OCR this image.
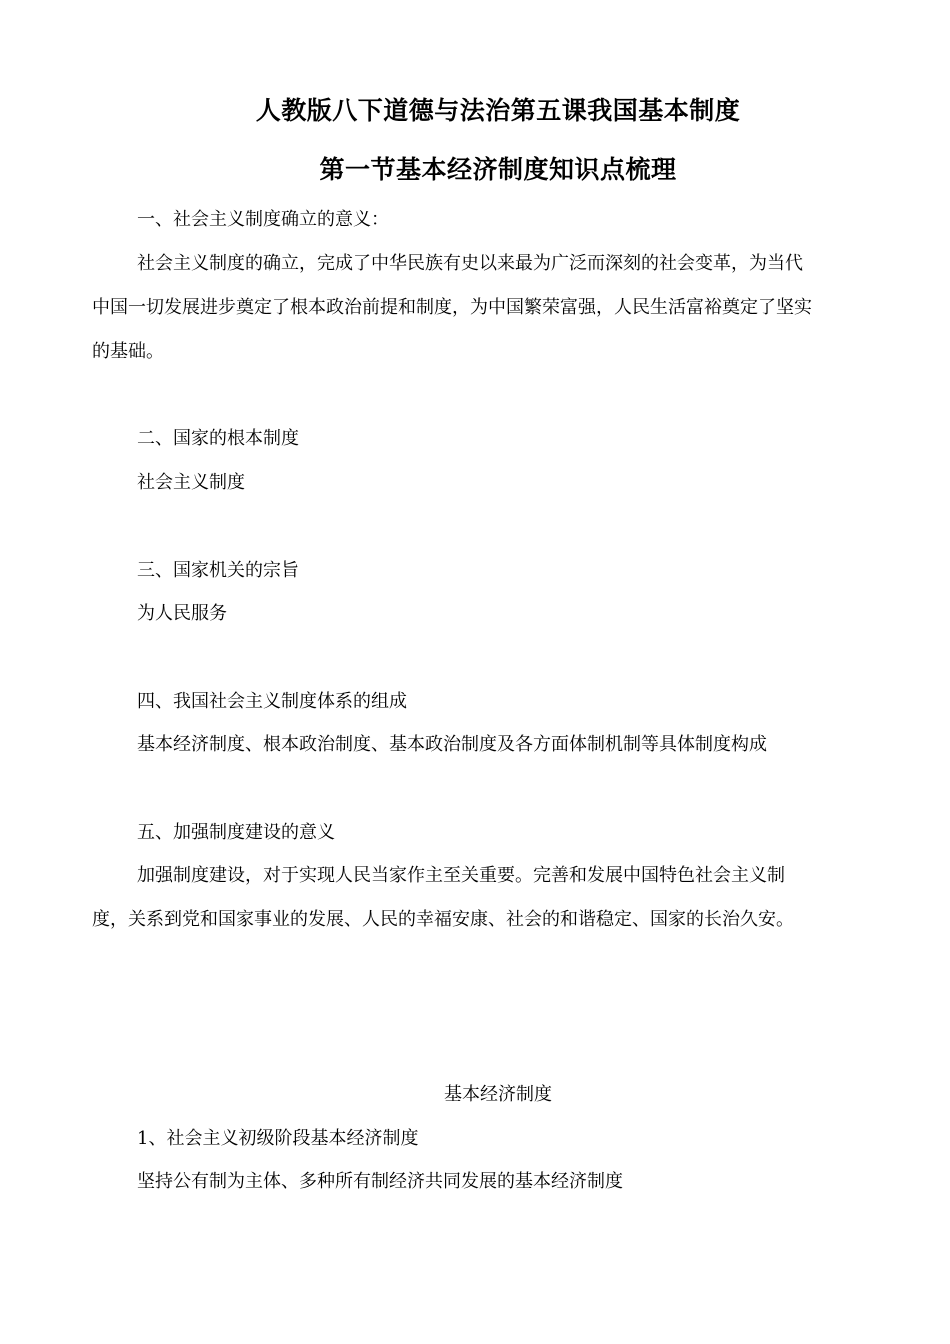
人教版八下道德与法治第五课我国基本制度
第一节基本经济制度知识点梳理
一、社会主义制度确立的意义：
社会主义制度的确立，完成了中华民族有史以来最为广泛而深刻的社会变革，为当代
中国一切发展进步奠定了根本政治前提和制度，为中国繁荣富强，人民生活富裕奠定了坚实
的基础。
二、国家的根本制度
社会主义制度
三、国家机关的宗旨
为人民服务
四、我国社会主义制度体系的组成
基本经济制度、根本政治制度、基本政治制度及各方面体制机制等具体制度构成
五、加强制度建设的意义
加强制度建设，对于实现人民当家作主至关重要。完善和发展中国特色社会主义制
度，关系到党和国家事业的发展、人民的幸福安康、社会的和谐稳定、国家的长治久安。
基本经济制度
1、社会主义初级阶段基本经济制度
坚持公有制为主体、多种所有制经济共同发展的基本经济制度
